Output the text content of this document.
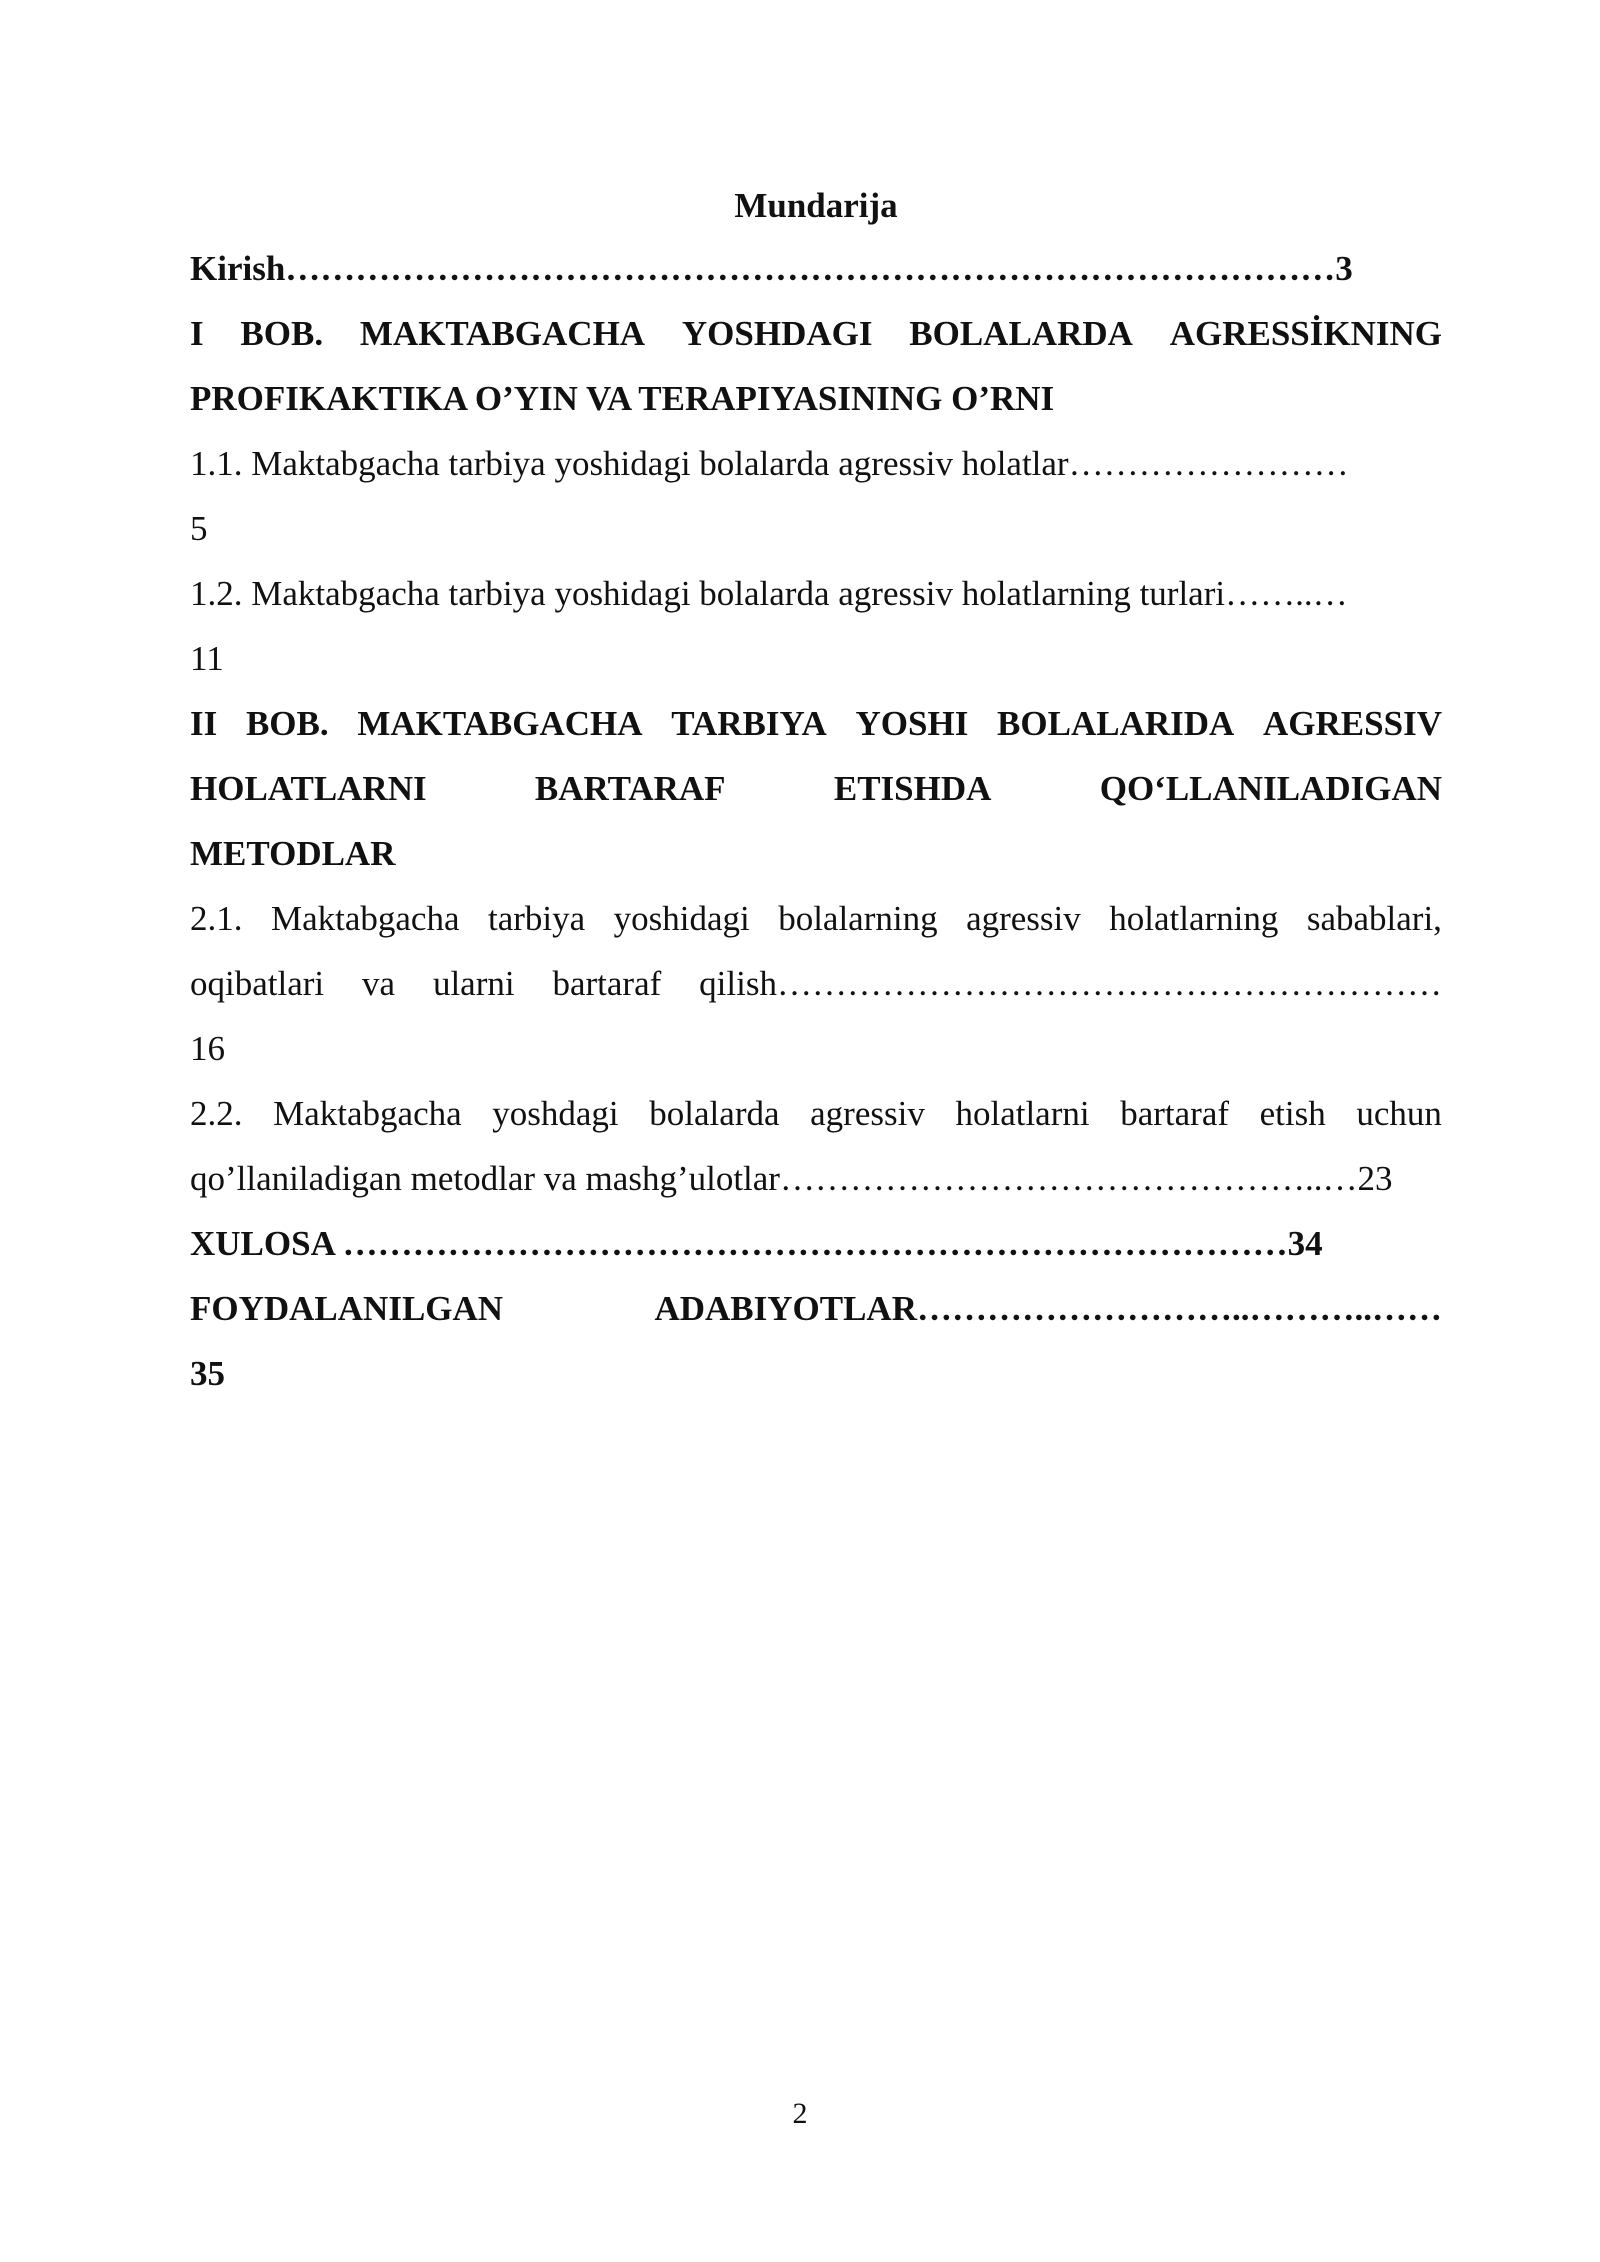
Mundarija
Kirish………………………………………………………………………………3
I BOB. MAKTABGACHA YOSHDAGI BOLALARDA AGRESSİKNING
PROFIKAKTIKA O’YIN VA TERAPIYASINING O’RNI
1.1. Maktabgacha tarbiya yoshidagi bolalarda agressiv holatlar……………………
5
1.2. Maktabgacha tarbiya yoshidagi bolalarda agressiv holatlarning turlari……..…
11
II BOB. MAKTABGACHA TARBIYA YOSHI BOLALARIDA AGRESSIV
HOLATLARNI	BARTARAF	ETISHDA	QO‘LLANILADIGAN
METODLAR
2.1. Maktabgacha tarbiya yoshidagi bolalarning agressiv holatlarning sabablari,
oqibatlari va ularni bartaraf qilish…………………………………………………
16
2.2. Maktabgacha yoshdagi bolalarda agressiv holatlarni bartaraf etish uchun
qo’llaniladigan metodlar va mashg’ulotlar………………………………………..…23
XULOSA ………………………………………………………………………34
FOYDALANILGAN	ADABIYOTLAR………………………..………..……
35
2
